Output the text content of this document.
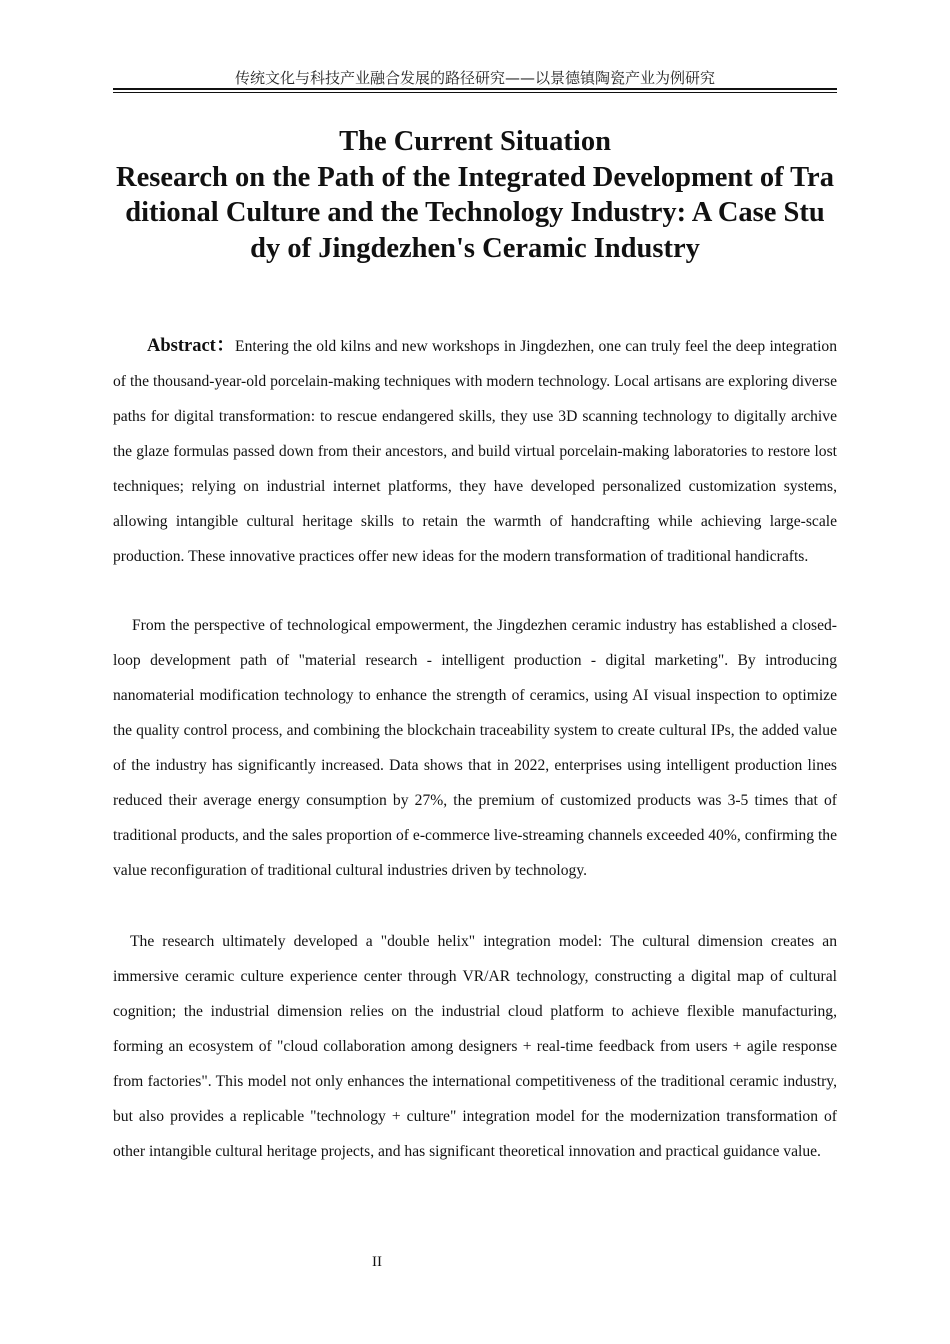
传统文化与科技产业融合发展的路径研究——以景德镇陶瓷产业为例研究
The Current Situation
Research on the Path of the Integrated Development of Tra
ditional Culture and the Technology Industry: A Case Stu
dy of Jingdezhen's Ceramic Industry

Abstract：Entering the old kilns and new workshops in Jingdezhen, one can truly feel the deep integration of the thousand-year-old porcelain-making techniques with modern technology. Local artisans are exploring diverse paths for digital transformation: to rescue endangered skills, they use 3D scanning technology to digitally archive the glaze formulas passed down from their ancestors, and build virtual porcelain-making laboratories to restore lost techniques; relying on industrial internet platforms, they have developed personalized customization systems, allowing intangible cultural heritage skills to retain the warmth of handcrafting while achieving large-scale production. These innovative practices offer new ideas for the modern transformation of traditional handicrafts.

From the perspective of technological empowerment, the Jingdezhen ceramic industry has established a closed-loop development path of "material research - intelligent production - digital marketing". By introducing nanomaterial modification technology to enhance the strength of ceramics, using AI visual inspection to optimize the quality control process, and combining the blockchain traceability system to create cultural IPs, the added value of the industry has significantly increased. Data shows that in 2022, enterprises using intelligent production lines reduced their average energy consumption by 27%, the premium of customized products was 3-5 times that of traditional products, and the sales proportion of e-commerce live-streaming channels exceeded 40%, confirming the value reconfiguration of traditional cultural industries driven by technology.

The research ultimately developed a "double helix" integration model: The cultural dimension creates an immersive ceramic culture experience center through VR/AR technology, constructing a digital map of cultural cognition; the industrial dimension relies on the industrial cloud platform to achieve flexible manufacturing, forming an ecosystem of "cloud collaboration among designers + real-time feedback from users + agile response from factories". This model not only enhances the international competitiveness of the traditional ceramic industry, but also provides a replicable "technology + culture" integration model for the modernization transformation of other intangible cultural heritage projects, and has significant theoretical innovation and practical guidance value.

II
